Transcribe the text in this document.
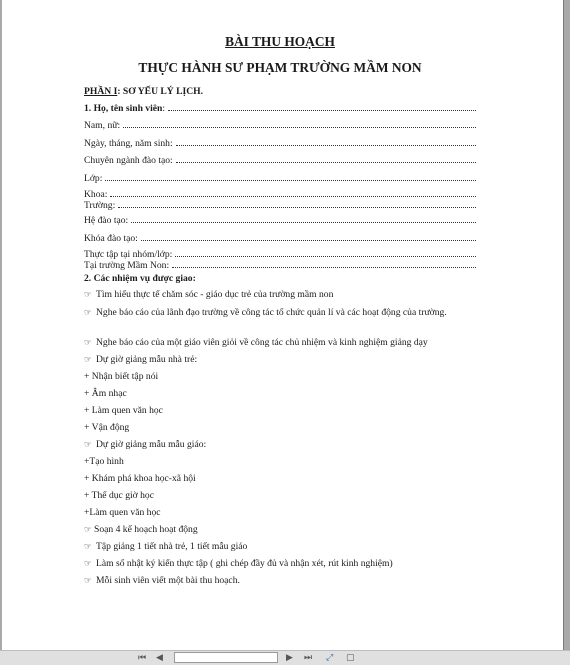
BÀI THU HOẠCH
THỰC HÀNH SƯ PHẠM TRƯỜNG MẦM NON
PHẦN I: SƠ YẾU LÝ LỊCH.
1. Họ, tên sinh viên :
Nam, nữ:
Ngày, tháng, năm sinh:
Chuyên ngành đào tạo:
Lớp:
Khoa:
Trường:
Hệ đào tạo:
Khóa đào tạo:
Thực tập tại nhóm/lớp:
Tại trường Mầm Non:
2. Các nhiệm vụ được giao:
☞ Tìm hiểu thực tế chăm sóc - giáo dục trẻ của trường mầm non
☞ Nghe báo cáo của lãnh đạo trường về công tác tổ chức quản lí và các hoạt động của trường.
☞ Nghe báo cáo của một giáo viên giỏi về công tác chủ nhiệm và kinh nghiệm giảng dạy
☞ Dự giờ giảng mẫu nhà trẻ:
+ Nhận biết tập nói
+ Âm nhạc
+ Làm quen văn học
+ Vận động
☞ Dự giờ giảng mẫu mẫu giáo:
+Tạo hình
+ Khám phá khoa học-xã hội
+ Thể dục giờ học
+Làm quen văn học
☞ Soạn 4 kế hoạch hoạt động
☞ Tập giảng 1 tiết nhà trẻ, 1 tiết mẫu giáo
☞ Làm sổ nhật ký kiến thực tập ( ghi chép đầy đủ và nhận xét, rút kinh nghiệm)
☞ Mỗi sinh viên viết một bài thu hoạch.
⏮ ◀	▶ ⏭ ⤢ ▢
